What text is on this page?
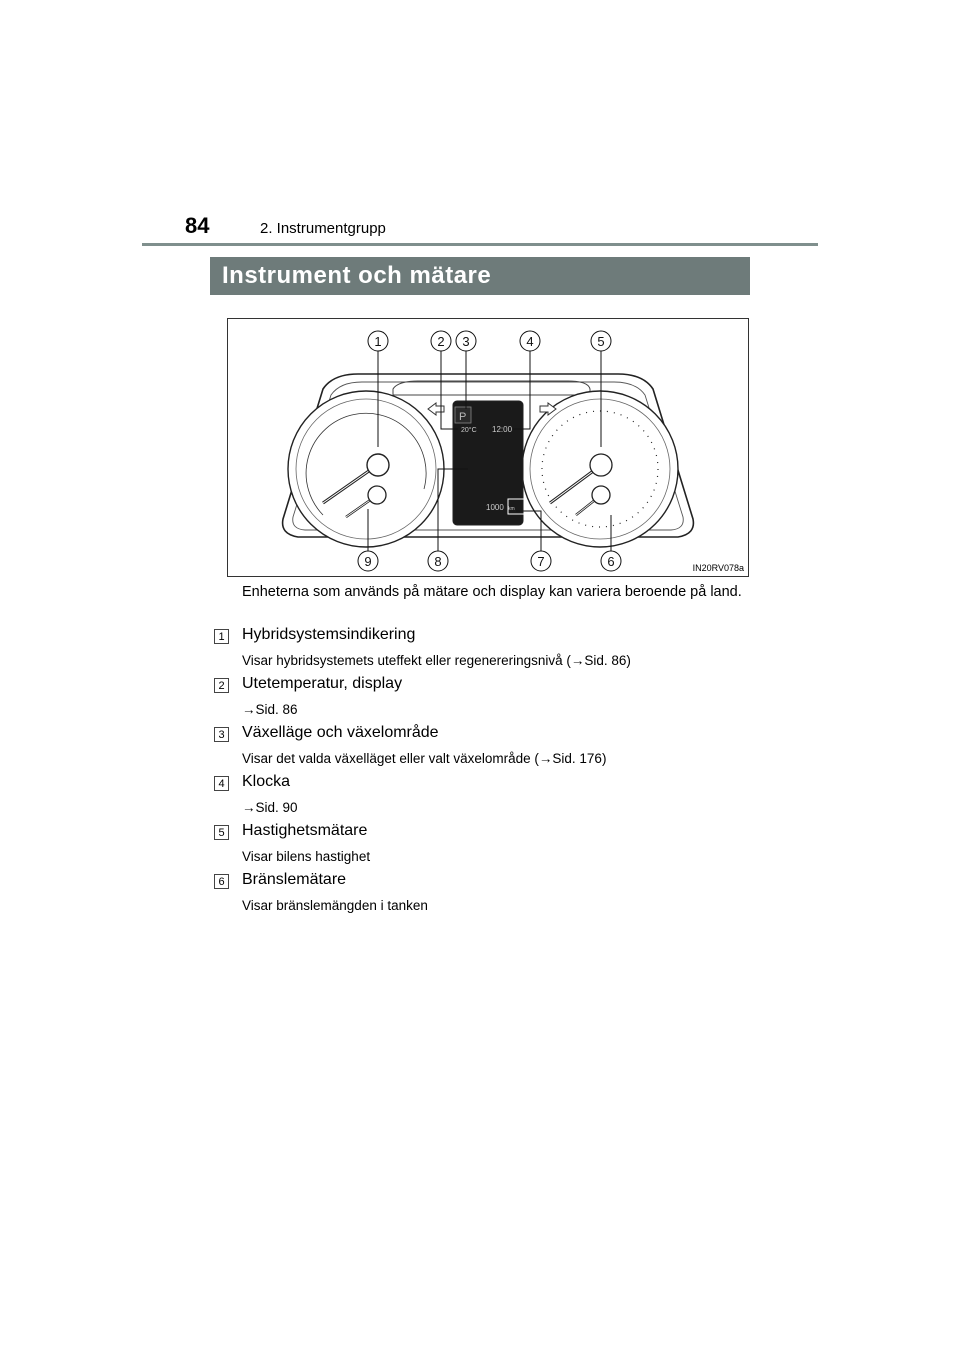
84	2. Instrumentgrupp
Instrument och mätare
P
20°C 12:00
1000 km
1	2 3	4	5
6
7
8
9	IN20RV078a
Enheterna som används på mätare och display kan variera beroende på land.
1 Hybridsystemsindikering
Visar hybridsystemets uteffekt eller regenereringsnivå (→Sid. 86)
2 Utetemperatur, display
→Sid. 86
3 Växelläge och växelområde
Visar det valda växelläget eller valt växelområde (→Sid. 176)
4 Klocka
→Sid. 90
5 Hastighetsmätare
Visar bilens hastighet
6 Bränslemätare
Visar bränslemängden i tanken
